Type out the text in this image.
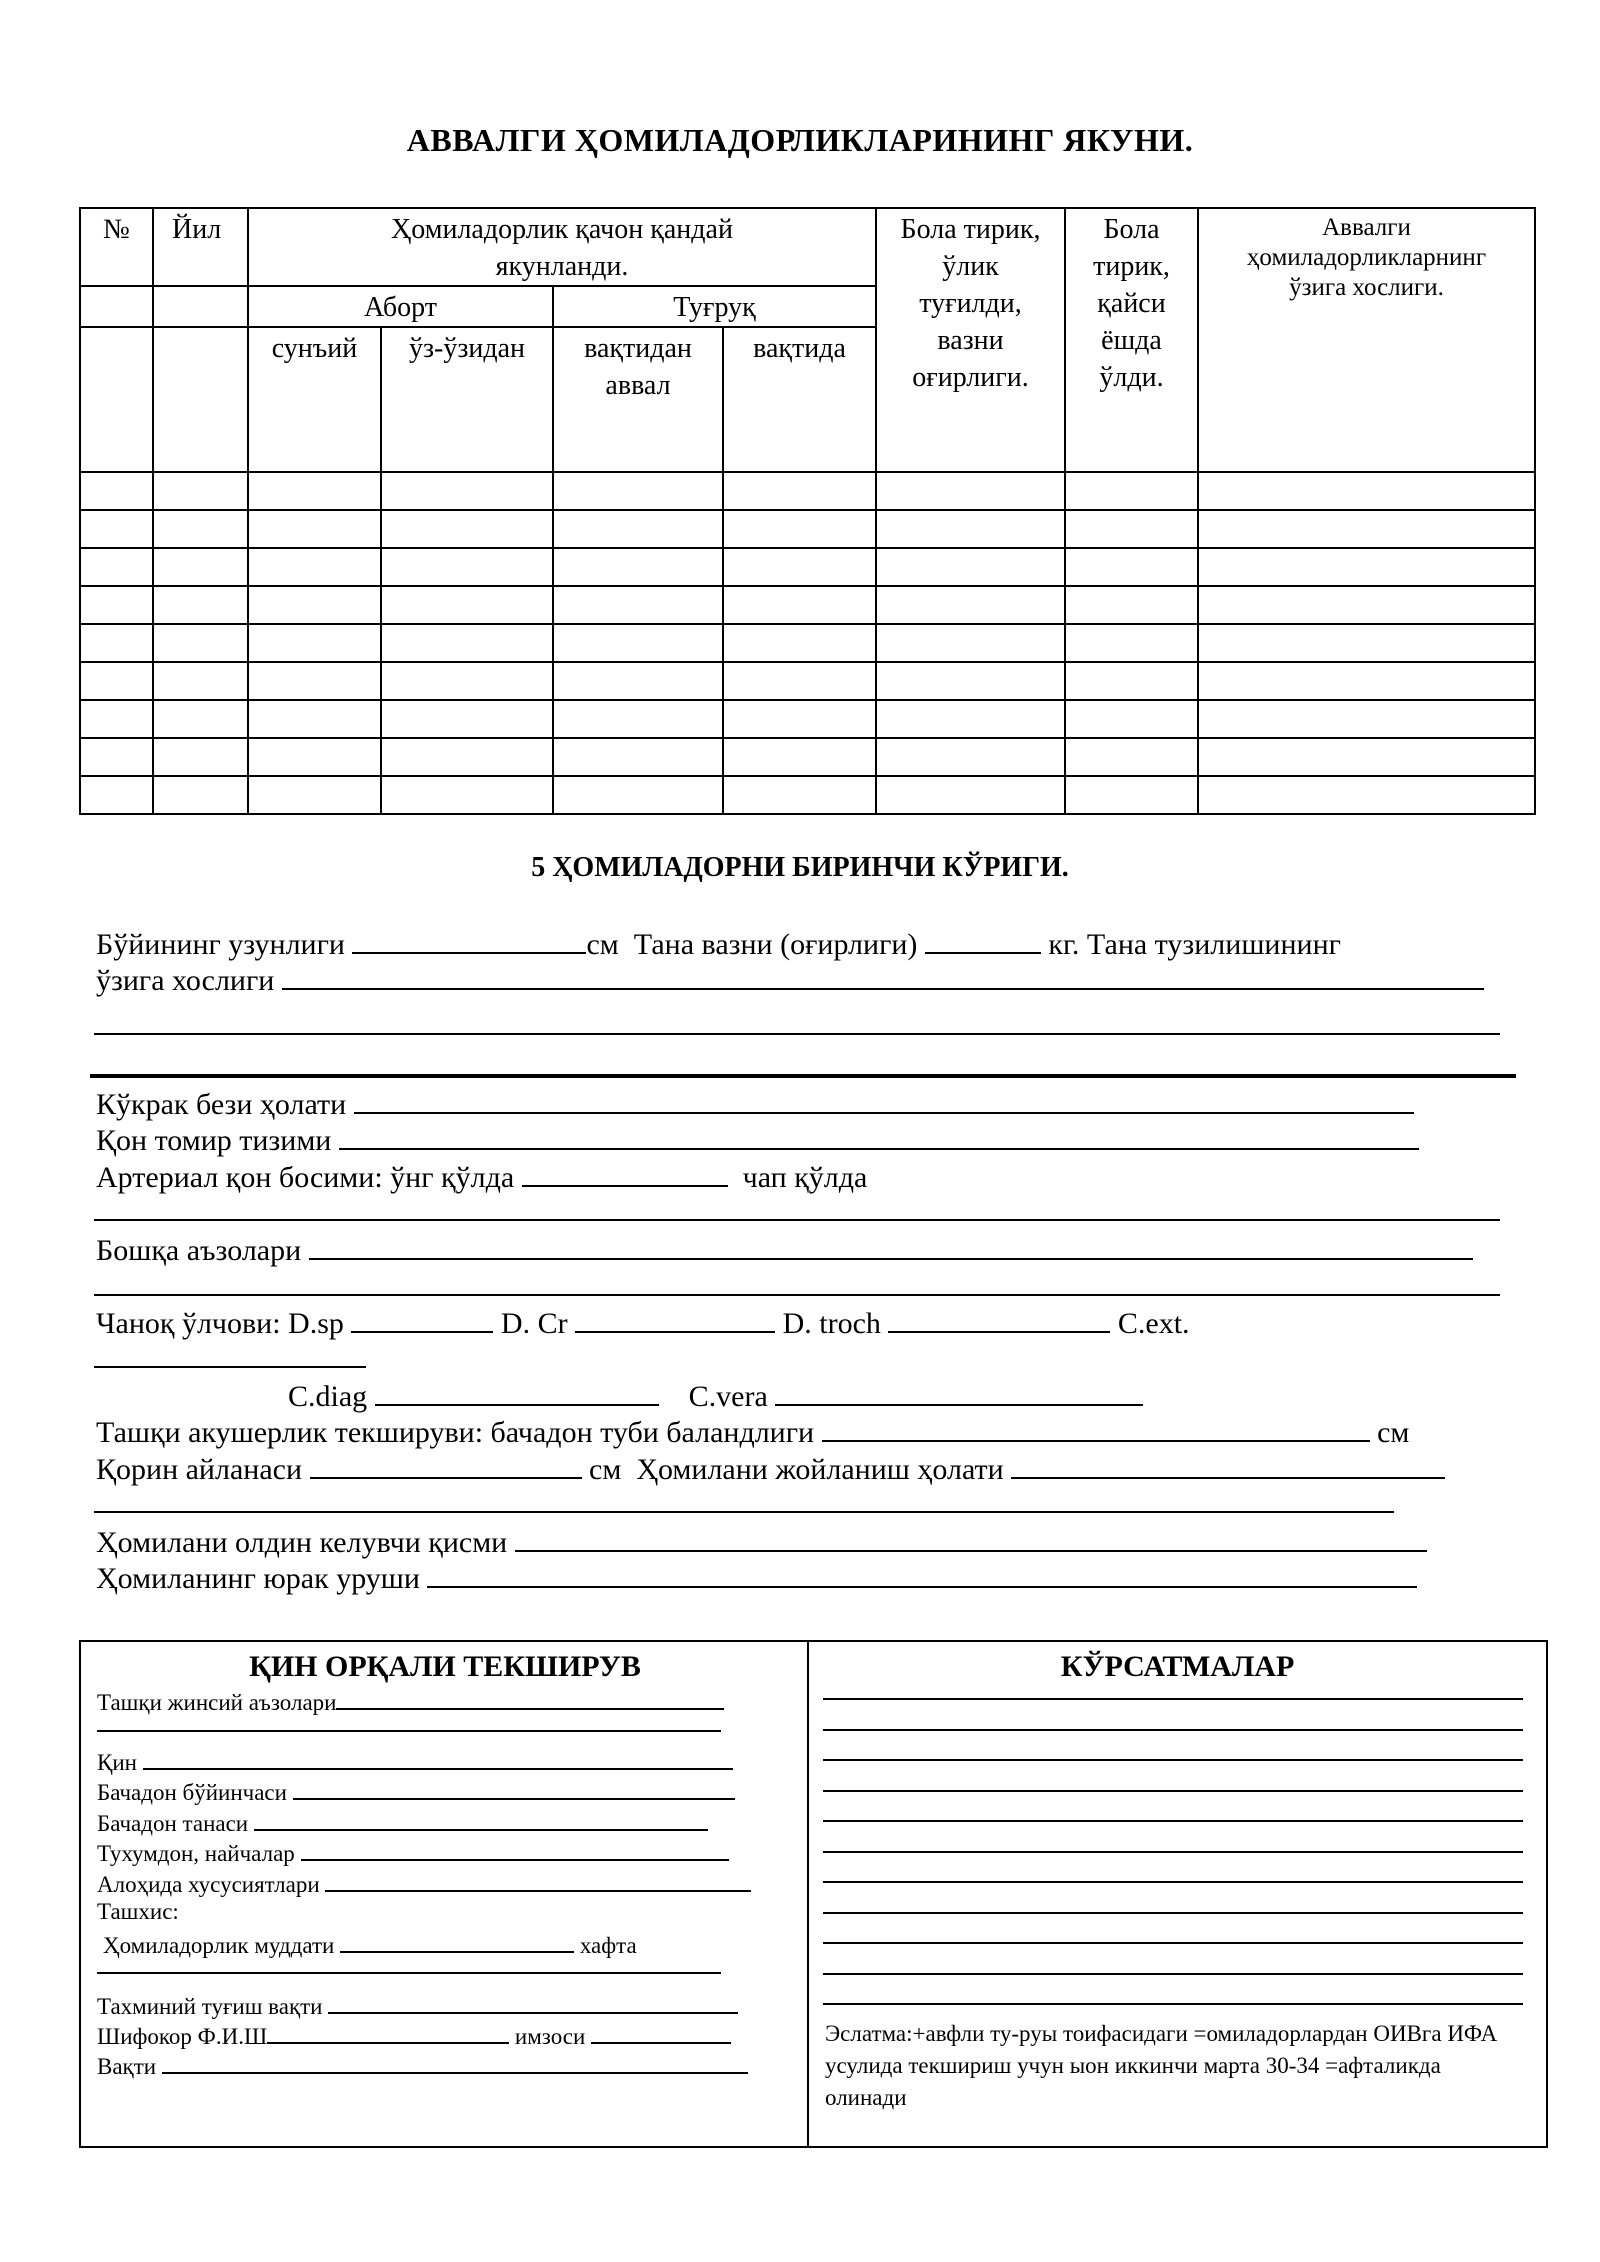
АВВАЛГИ ҲОМИЛАДОРЛИКЛАРИНИНГ ЯКУНИ.
№	Йил	Ҳомиладорлик қачон қандай якунланди.				Бола тирик, ўлик туғилди, вазни оғирлиги.	Бола тирик, қайси ёшда ўлди.	Аввалги ҳомиладорликларнинг ўзига хослиги.

		Аборт		Туғруқ				

		сунъий	ўз-ўзидан	вақтидан аввал	вақтида			

5 ҲОМИЛАДОРНИ БИРИНЧИ КЎРИГИ.
Бўйининг узунлиги	см Тана вазни (оғирлиги)	кг. Тана тузилишининг
ўзига хослиги
Кўкрак бези ҳолати
Қон томир тизими
Артериал қон босими: ўнг қўлда	чап қўлда
Бошқа аъзолари
Чаноқ ўлчови: D.sp	D. Cr	D. troch	C.ext.
C.diag	C.vera
Ташқи акушерлик текшируви: бачадон туби баландлиги	см
Қорин айланаси	см Ҳомилани жойланиш ҳолати
Ҳомилани олдин келувчи қисми
Ҳомиланинг юрак уруши
ҚИН ОРҚАЛИ ТЕКШИРУВ
Ташқи жинсий аъзолари
Қин
Бачадон бўйинчаси
Бачадон танаси
Тухумдон, найчалар
Алоҳида хусусиятлари
Ташхис:
Ҳомиладорлик муддати	хафта
Тахминий туғиш вақти
Шифокор Ф.И.Ш	имзоси
Вақти
КЎРСАТМАЛАР
Эслатма:+авфли ту-руы тоифасидаги =омиладорлардан ОИВга ИФА усулида текшириш учун ыон иккинчи марта 30-34 =афталикда олинади
